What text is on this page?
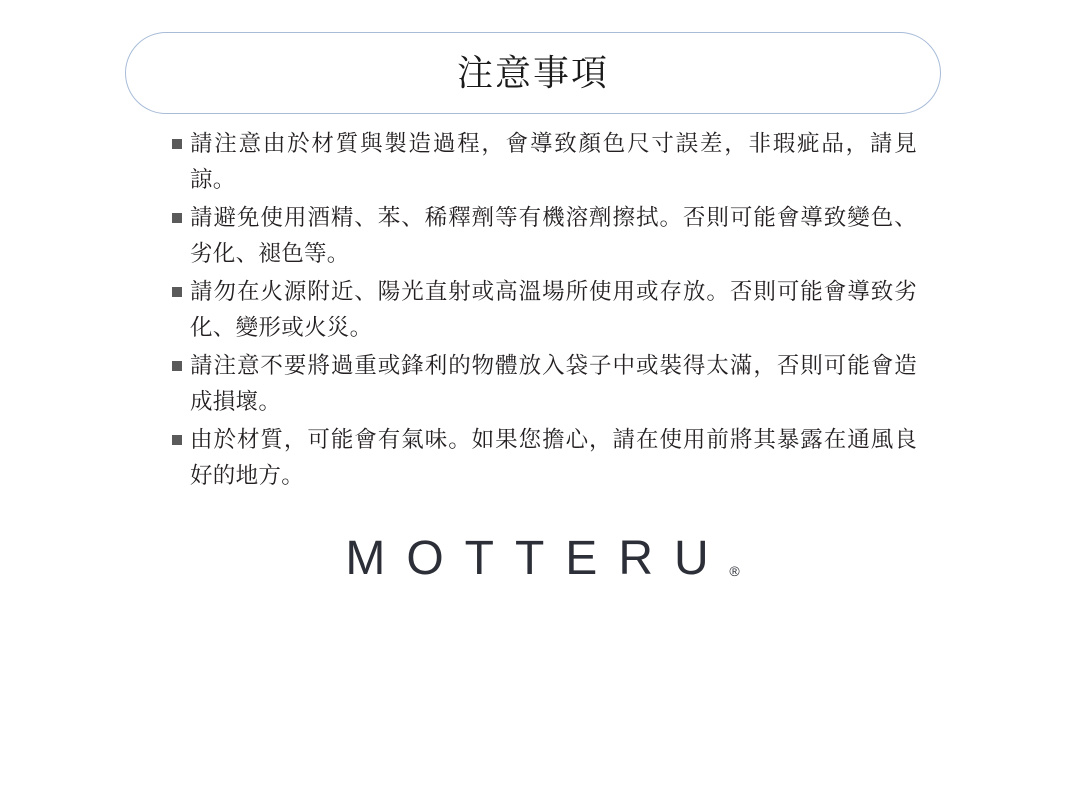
注意事項
請注意由於材質與製造過程，會導致顏色尺寸誤差，非瑕疵品，請見諒。
請避免使用酒精、苯、稀釋劑等有機溶劑擦拭。否則可能會導致變色、劣化、褪色等。
請勿在火源附近、陽光直射或高溫場所使用或存放。否則可能會導致劣化、變形或火災。
請注意不要將過重或鋒利的物體放入袋子中或裝得太滿，否則可能會造成損壞。
由於材質，可能會有氣味。如果您擔心，請在使用前將其暴露在通風良好的地方。
MOTTERU ®
